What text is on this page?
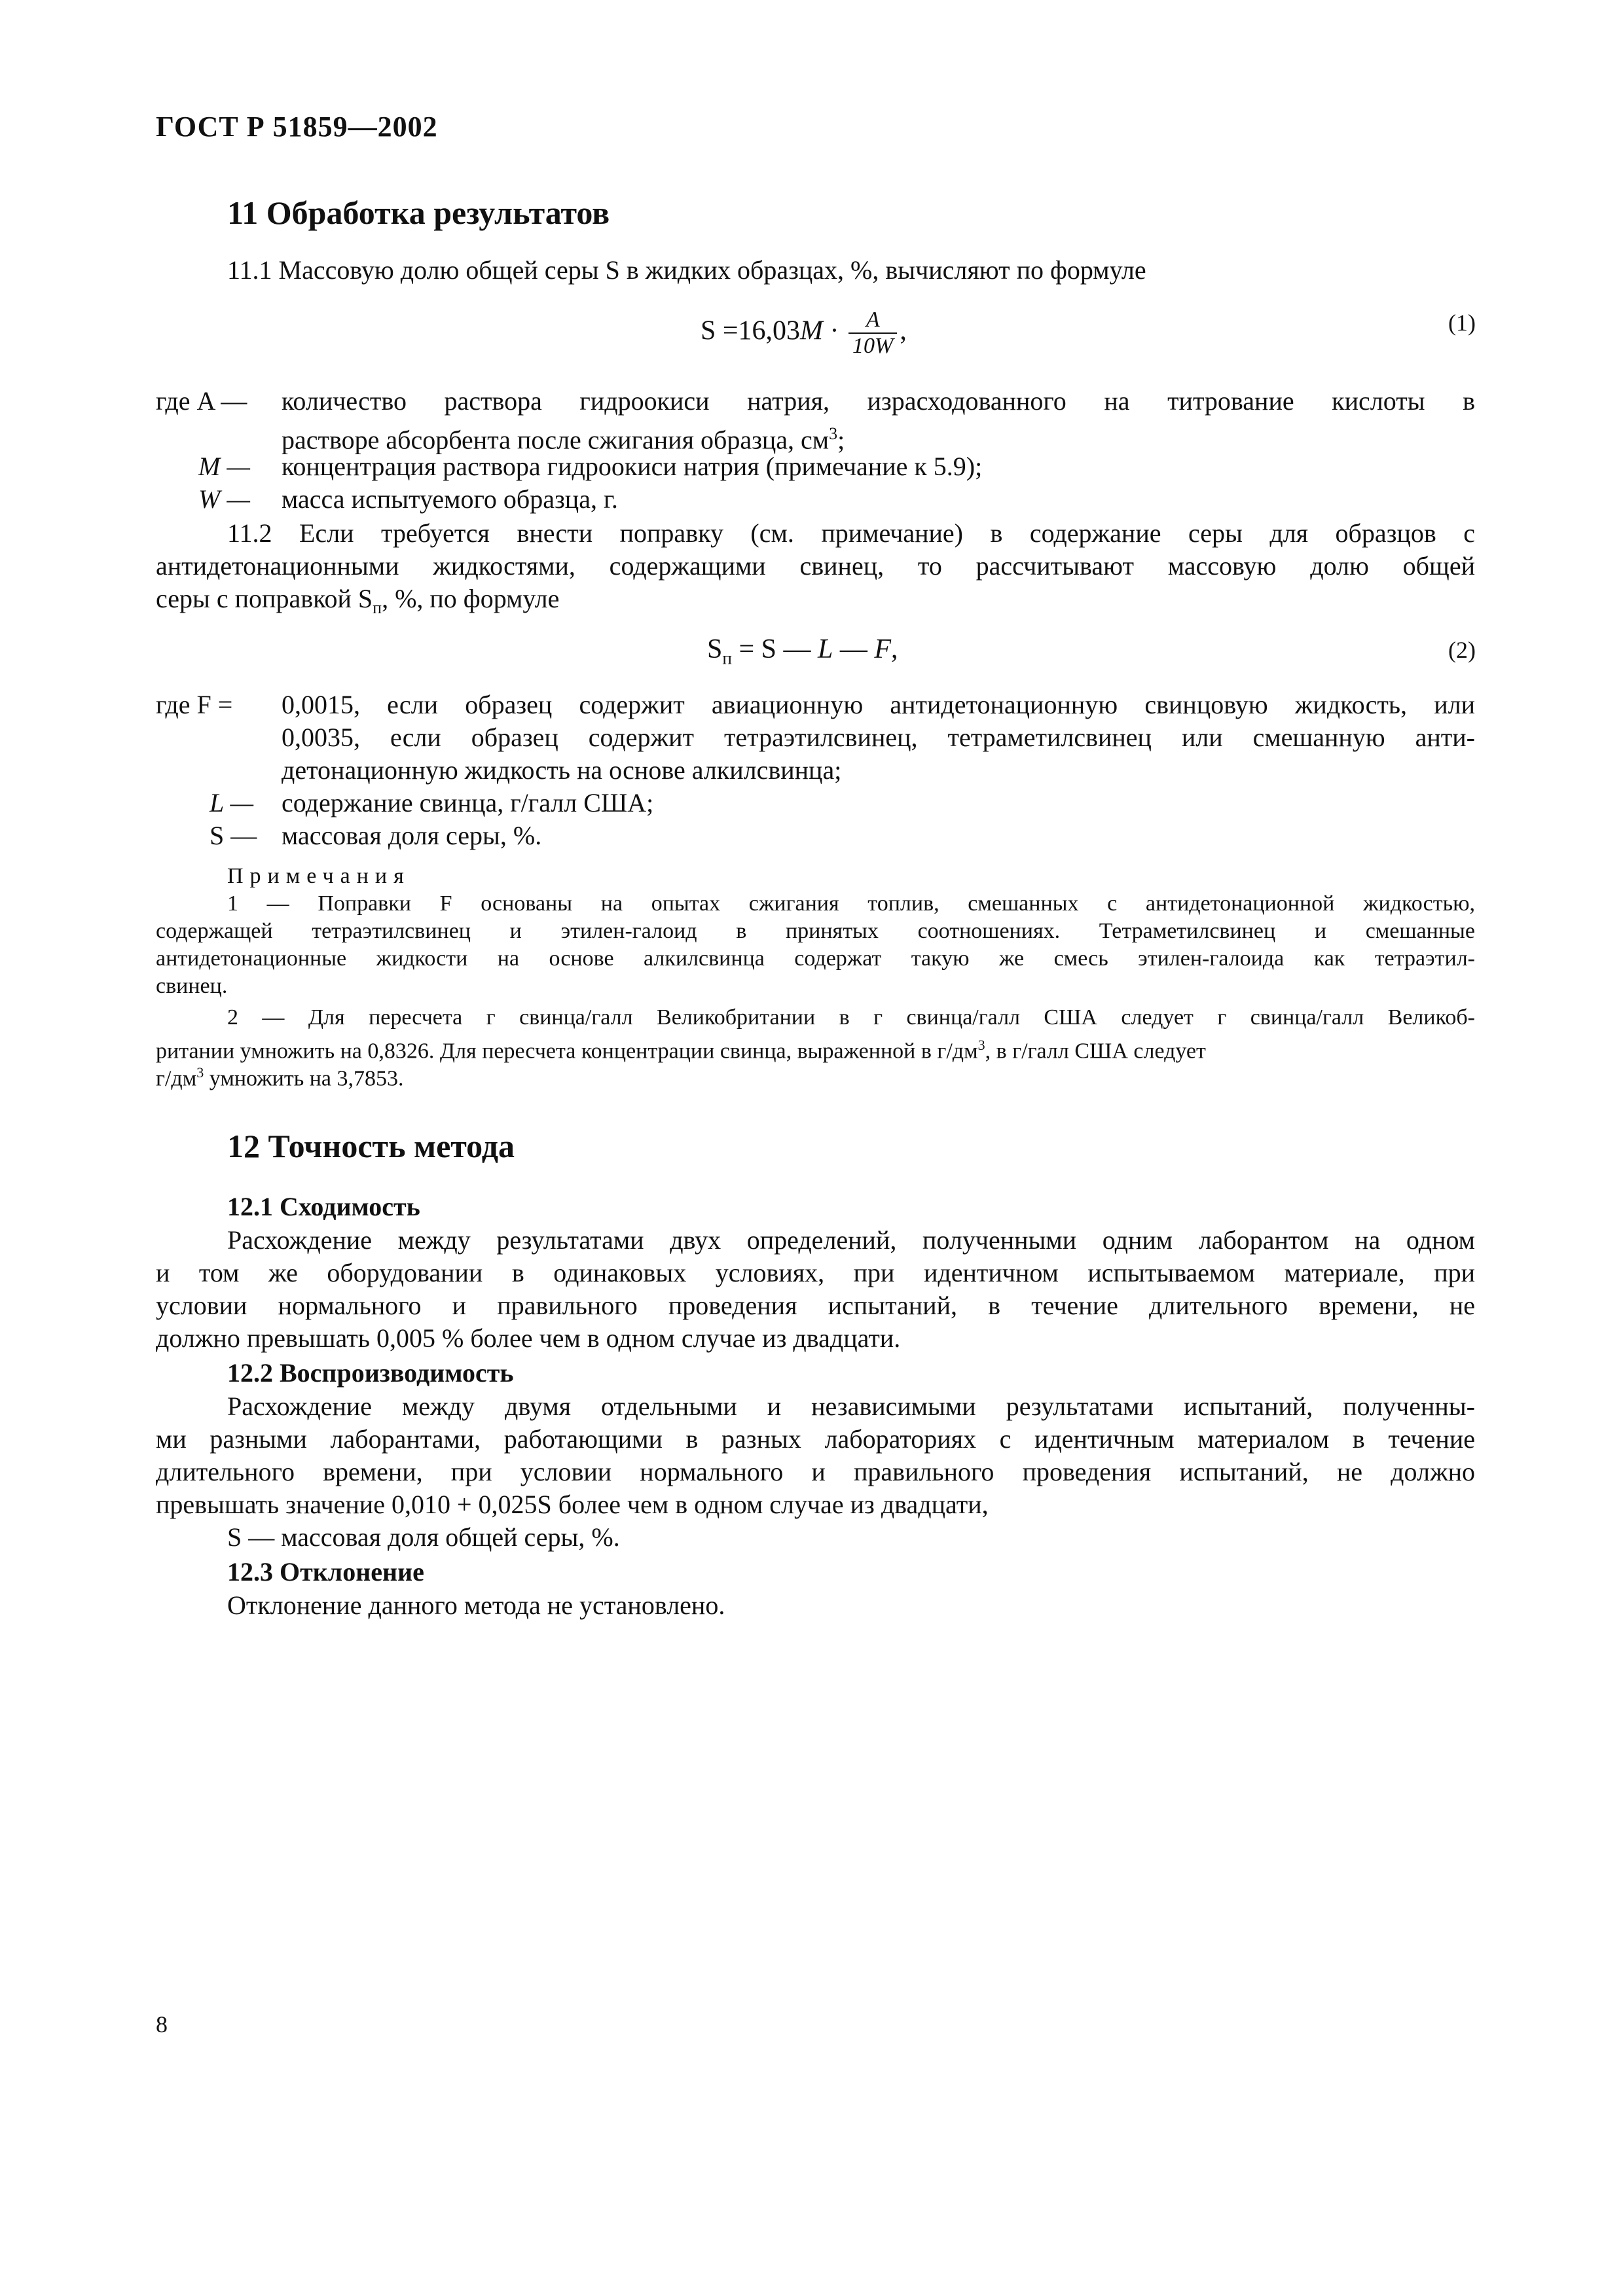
ГОСТ Р 51859—2002
11 Обработка результатов
11.1 Массовую долю общей серы S в жидких образцах, %, вычисляют по формуле
$S =16,03M \cdot \frac{A}{10W}$ ,	(1)
где A — количество раствора гидроокиси натрия, израсходованного на титрование кислоты в
растворе абсорбента после сжигания образца, $см^3$;
M — концентрация раствора гидроокиси натрия (примечание к 5.9);
W — масса испытуемого образца, г.
11.2 Если требуется внести поправку (см. примечание) в содержание серы для образцов с
антидетонационными жидкостями, содержащими свинец, то рассчитывают массовую долю общей
серы с поправкой $S_п$, %, по формуле
$S_п = S$ — L — F,	(2)
где F = 0,0015, если образец содержит авиационную антидетонационную свинцовую жидкость, или
0,0035, если образец содержит тетраэтилсвинец, тетраметилсвинец или смешанную анти-
детонационную жидкость на основе алкилсвинца;
L — содержание свинца, г/галл США;
S — массовая доля серы, %.
Примечания
1 — Поправки F основаны на опытах сжигания топлив, смешанных с антидетонационной жидкостью,
содержащей тетраэтилсвинец и этилен-галоид в принятых соотношениях. Тетраметилсвинец и смешанные
антидетонационные жидкости на основе алкилсвинца содержат такую же смесь этилен-галоида как тетраэтил-
свинец.
2 — Для пересчета г свинца/галл Великобритании в г свинца/галл США следует г свинца/галл Великоб-
ритании умножить на 0,8326. Для пересчета концентрации свинца, выраженной в $г/дм^3$, в г/галл США следует
$г/дм^3$ умножить на 3,7853.
12 Точность метода
12.1 Сходимость
Расхождение между результатами двух определений, полученными одним лаборантом на одном
и том же оборудовании в одинаковых условиях, при идентичном испытываемом материале, при
условии нормального и правильного проведения испытаний, в течение длительного времени, не
должно превышать 0,005 % более чем в одном случае из двадцати.
12.2 Воспроизводимость
Расхождение между двумя отдельными и независимыми результатами испытаний, полученны-
ми разными лаборантами, работающими в разных лабораториях с идентичным материалом в течение
длительного времени, при условии нормального и правильного проведения испытаний, не должно
превышать значение 0,010 + 0,025S более чем в одном случае из двадцати,
S — массовая доля общей серы, %.
12.3 Отклонение
Отклонение данного метода не установлено.
8
